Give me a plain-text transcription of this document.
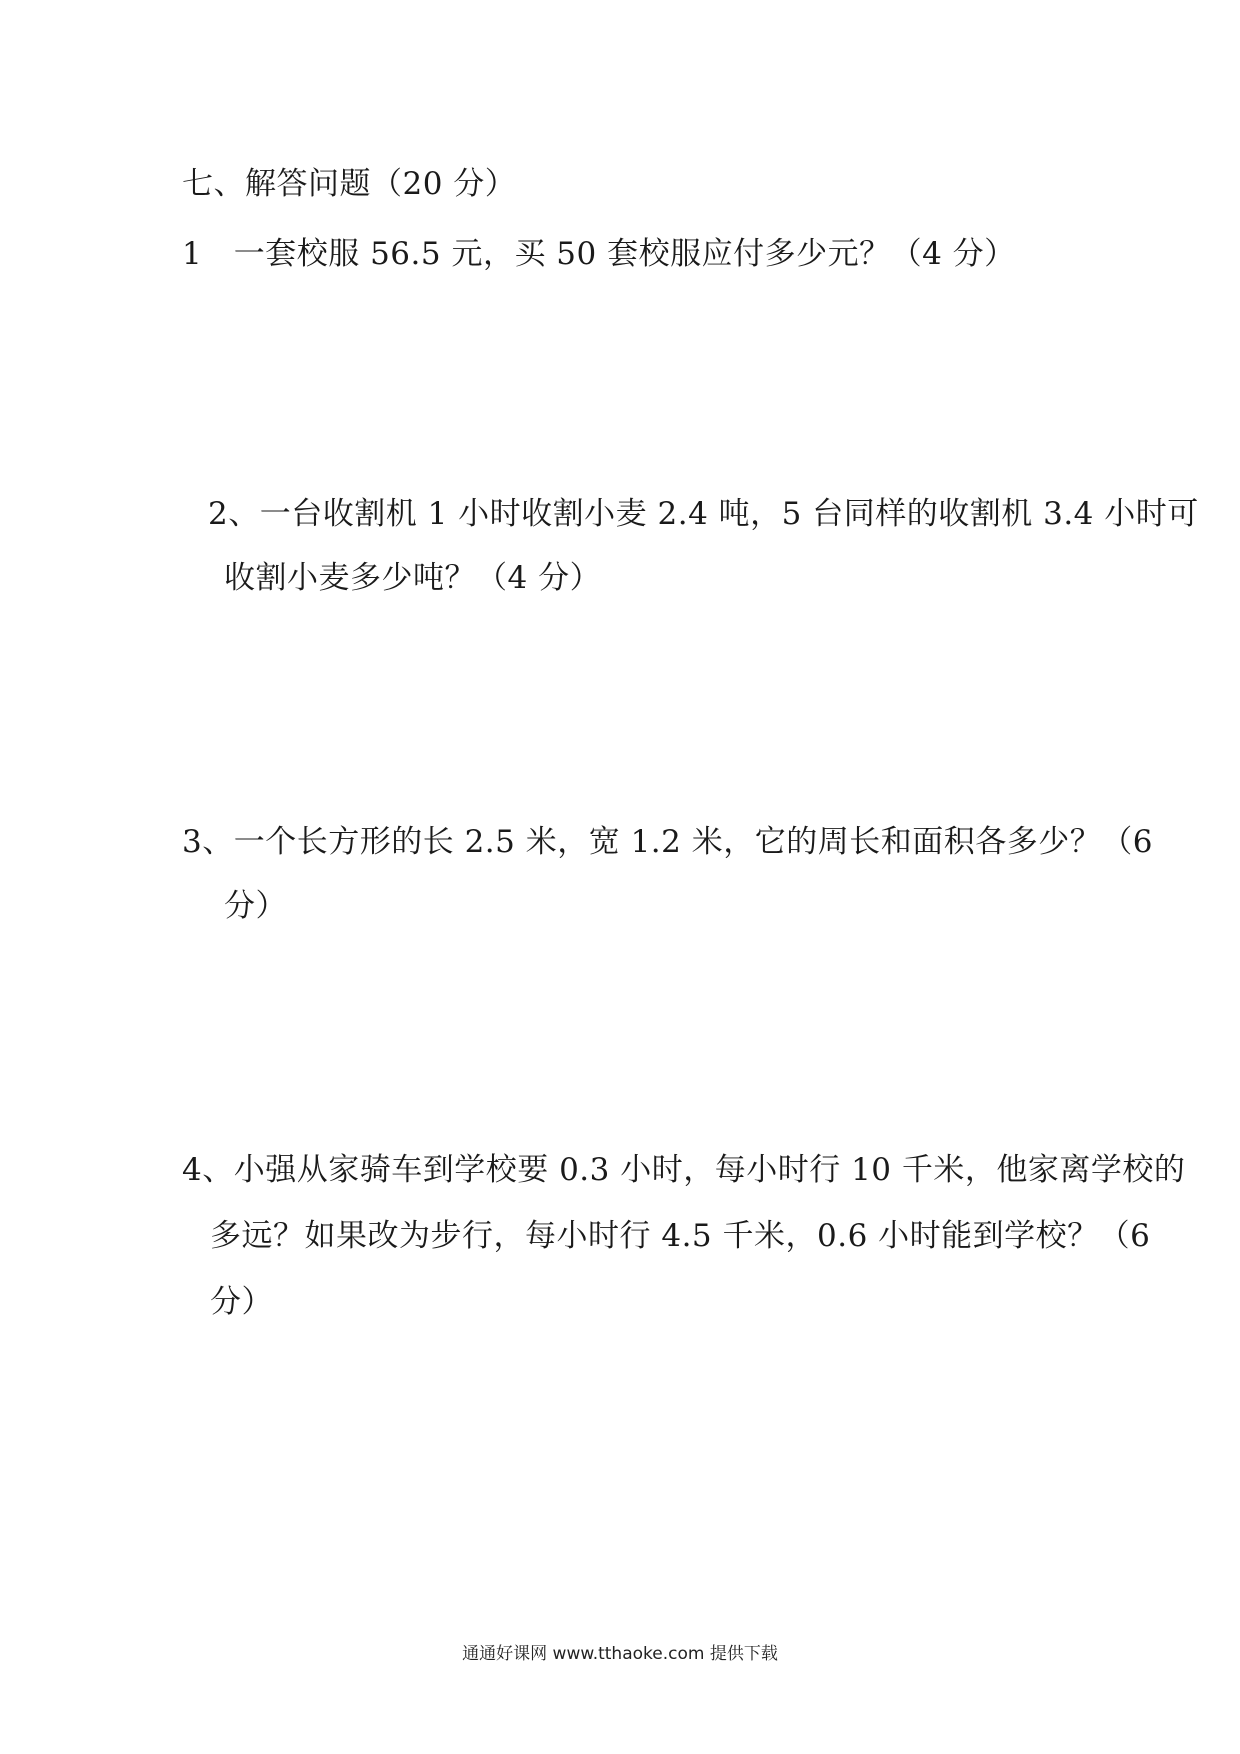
七、解答问题（20 分）
1　一套校服 56.5 元，买 50 套校服应付多少元？（4 分）
2、一台收割机 1 小时收割小麦 2.4 吨，5 台同样的收割机 3.4 小时可
收割小麦多少吨？（4 分）
3、一个长方形的长 2.5 米，宽 1.2 米，它的周长和面积各多少？（6
分）
4、小强从家骑车到学校要 0.3 小时，每小时行 10 千米，他家离学校的
多远？如果改为步行，每小时行 4.5 千米，0.6 小时能到学校？（6
分）
通通好课网 www.tthaoke.com 提供下载
